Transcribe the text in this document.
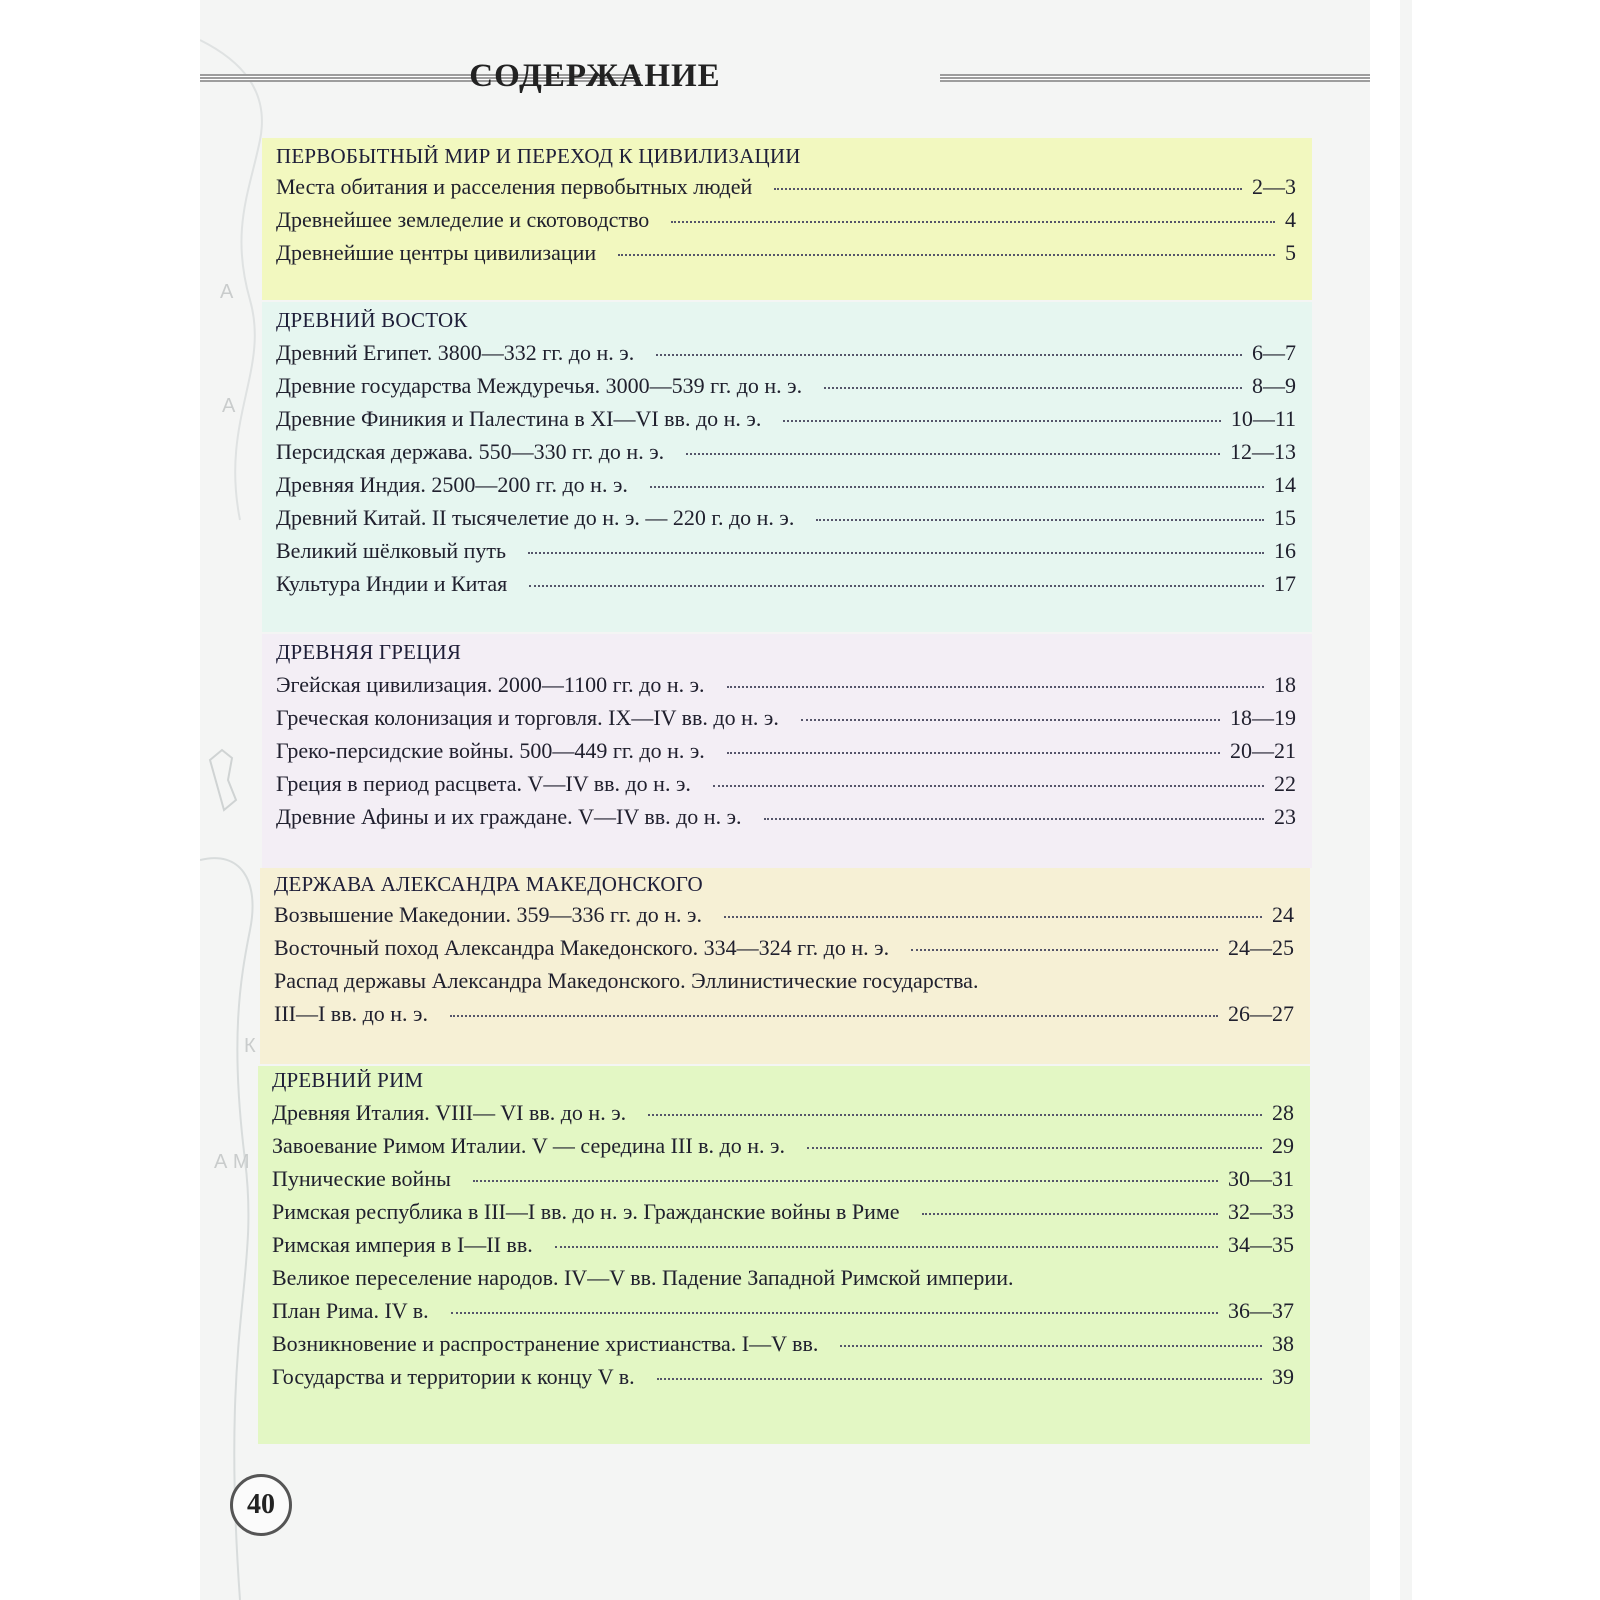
А
А
К
А М
СОДЕРЖАНИЕ
ПЕРВОБЫТНЫЙ МИР И ПЕРЕХОД К ЦИВИЛИЗАЦИИ
Места обитания и расселения первобытных людей	2—3
Древнейшее земледелие и скотоводство	4
Древнейшие центры цивилизации	5
ДРЕВНИЙ ВОСТОК
Древний Египет. 3800—332 гг. до н. э.	6—7
Древние государства Междуречья. 3000—539 гг. до н. э.	8—9
Древние Финикия и Палестина в XI—VI вв. до н. э.	10—11
Персидская держава. 550—330 гг. до н. э.	12—13
Древняя Индия. 2500—200 гг. до н. э.	14
Древний Китай. II тысячелетие до н. э. — 220 г. до н. э.	15
Великий шёлковый путь	16
Культура Индии и Китая	17
ДРЕВНЯЯ ГРЕЦИЯ
Эгейская цивилизация. 2000—1100 гг. до н. э.	18
Греческая колонизация и торговля. IX—IV вв. до н. э.	18—19
Греко-персидские войны. 500—449 гг. до н. э.	20—21
Греция в период расцвета. V—IV вв. до н. э.	22
Древние Афины и их граждане. V—IV вв. до н. э.	23
ДЕРЖАВА АЛЕКСАНДРА МАКЕДОНСКОГО
Возвышение Македонии. 359—336 гг. до н. э.	24
Восточный поход Александра Македонского. 334—324 гг. до н. э.	24—25
Распад державы Александра Македонского. Эллинистические государства.
III—I вв. до н. э.	26—27
ДРЕВНИЙ РИМ
Древняя Италия. VIII— VI вв. до н. э.	28
Завоевание Римом Италии. V — середина III в. до н. э.	29
Пунические войны	30—31
Римская республика в III—I вв. до н. э. Гражданские войны в Риме	32—33
Римская империя в I—II вв.	34—35
Великое переселение народов. IV—V вв. Падение Западной Римской империи.
План Рима. IV в.	36—37
Возникновение и распространение христианства. I—V вв.	38
Государства и территории к концу V в.	39
40
